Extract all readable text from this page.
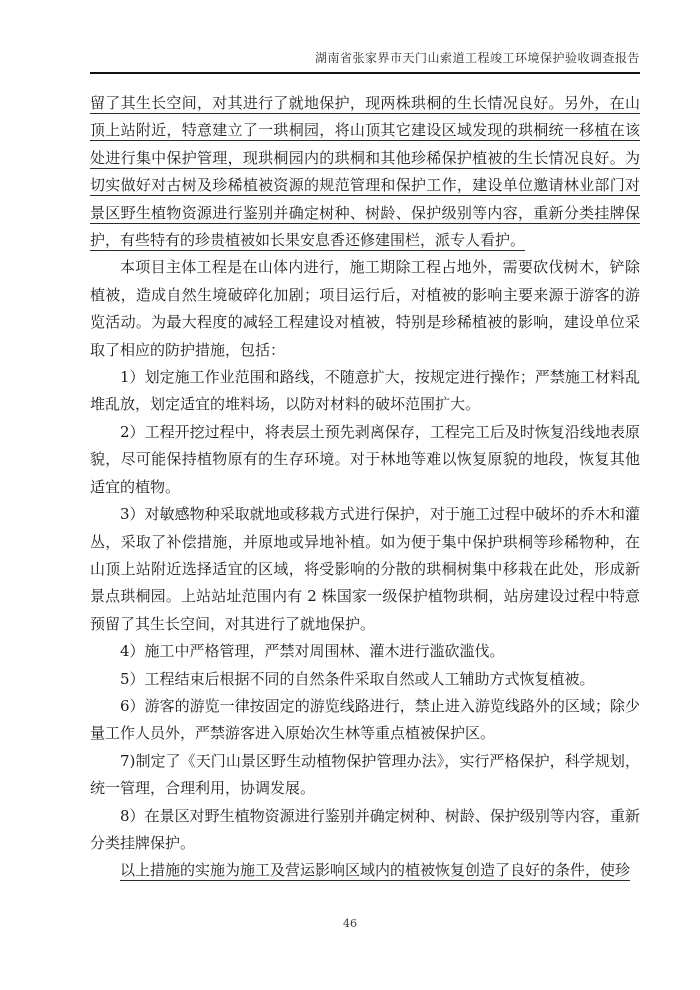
湖南省张家界市天门山索道工程竣工环境保护验收调查报告

留了其生长空间，对其进行了就地保护，现两株珙桐的生长情况良好。另外，在山顶上站附近，特意建立了一珙桐园，将山顶其它建设区域发现的珙桐统一移植在该处进行集中保护管理，现珙桐园内的珙桐和其他珍稀保护植被的生长情况良好。为切实做好对古树及珍稀植被资源的规范管理和保护工作，建设单位邀请林业部门对景区野生植物资源进行鉴别并确定树种、树龄、保护级别等内容，重新分类挂牌保护，有些特有的珍贵植被如长果安息香还修建围栏，派专人看护。

本项目主体工程是在山体内进行，施工期除工程占地外，需要砍伐树木，铲除植被，造成自然生境破碎化加剧；项目运行后，对植被的影响主要来源于游客的游览活动。为最大程度的减轻工程建设对植被，特别是珍稀植被的影响，建设单位采取了相应的防护措施，包括：

1）划定施工作业范围和路线，不随意扩大，按规定进行操作；严禁施工材料乱堆乱放，划定适宜的堆料场，以防对材料的破坏范围扩大。

2）工程开挖过程中，将表层土预先剥离保存，工程完工后及时恢复沿线地表原貌，尽可能保持植物原有的生存环境。对于林地等难以恢复原貌的地段，恢复其他适宜的植物。

3）对敏感物种采取就地或移栽方式进行保护，对于施工过程中破坏的乔木和灌丛，采取了补偿措施，并原地或异地补植。如为便于集中保护珙桐等珍稀物种，在山顶上站附近选择适宜的区域，将受影响的分散的珙桐树集中移栽在此处，形成新景点珙桐园。上站站址范围内有 2 株国家一级保护植物珙桐，站房建设过程中特意预留了其生长空间，对其进行了就地保护。

4）施工中严格管理，严禁对周围林、灌木进行滥砍滥伐。

5）工程结束后根据不同的自然条件采取自然或人工辅助方式恢复植被。

6）游客的游览一律按固定的游览线路进行，禁止进入游览线路外的区域；除少量工作人员外，严禁游客进入原始次生林等重点植被保护区。

7)制定了《天门山景区野生动植物保护管理办法》，实行严格保护，科学规划，统一管理，合理利用，协调发展。

8）在景区对野生植物资源进行鉴别并确定树种、树龄、保护级别等内容，重新分类挂牌保护。

以上措施的实施为施工及营运影响区域内的植被恢复创造了良好的条件，使珍

46
